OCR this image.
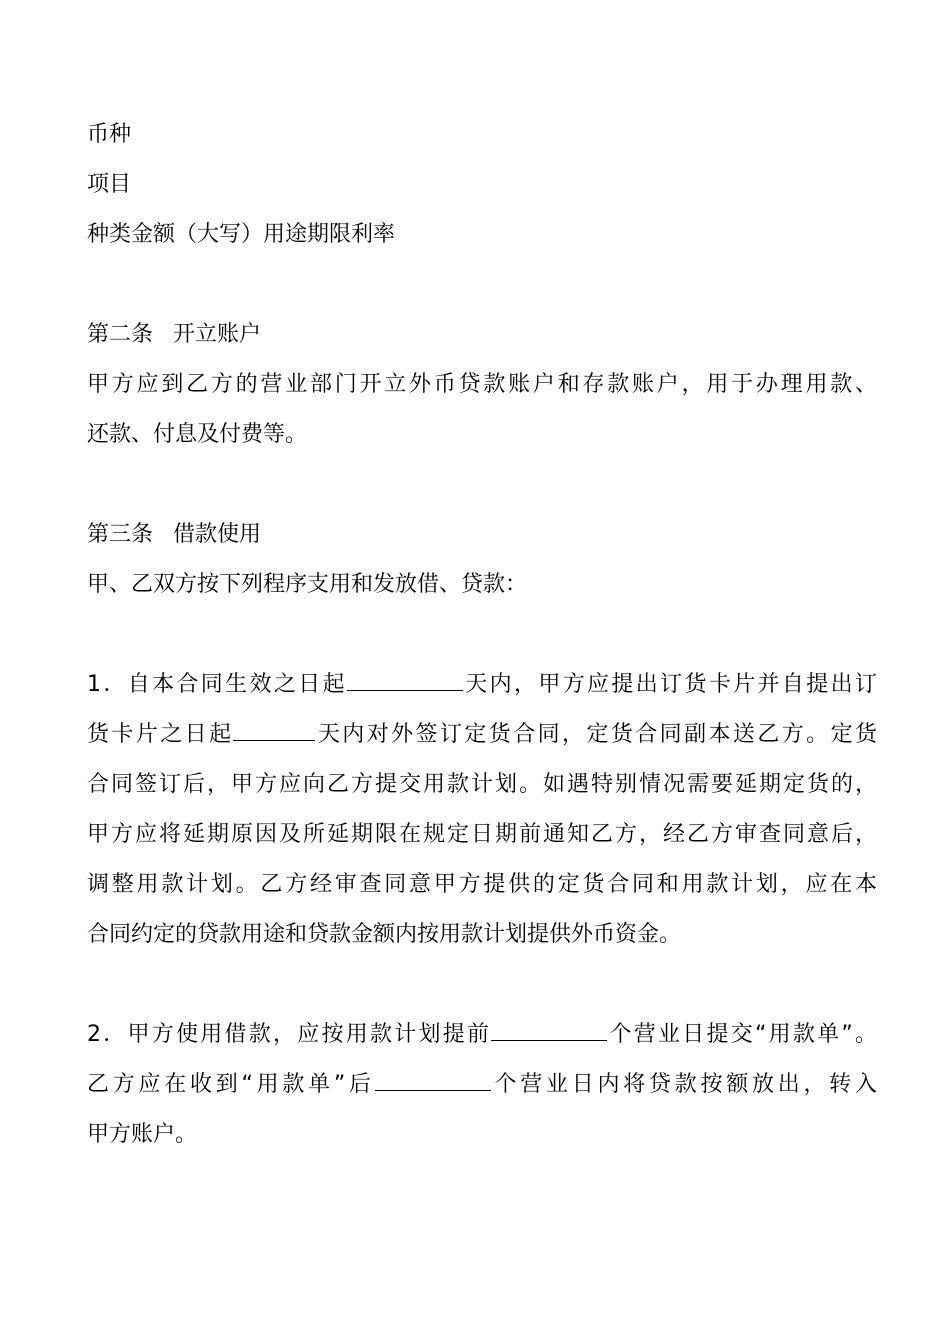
币种
项目
种类金额（大写）用途期限利率
第二条 开立账户
甲方应到乙方的营业部门开立外币贷款账户和存款账户，用于办理用款、
还款、付息及付费等。
第三条 借款使用
甲、乙双方按下列程序支用和发放借、贷款：
1．自本合同生效之日起	天内，甲方应提出订货卡片并自提出订
货卡片之日起	天内对外签订定货合同，定货合同副本送乙方。定货
合同签订后，甲方应向乙方提交用款计划。如遇特别情况需要延期定货的，
甲方应将延期原因及所延期限在规定日期前通知乙方，经乙方审查同意后，
调整用款计划。乙方经审查同意甲方提供的定货合同和用款计划，应在本
合同约定的贷款用途和贷款金额内按用款计划提供外币资金。
2．甲方使用借款，应按用款计划提前	个营业日提交“用款单”。
乙方应在收到“用款单”后	个营业日内将贷款按额放出，转入
甲方账户。
